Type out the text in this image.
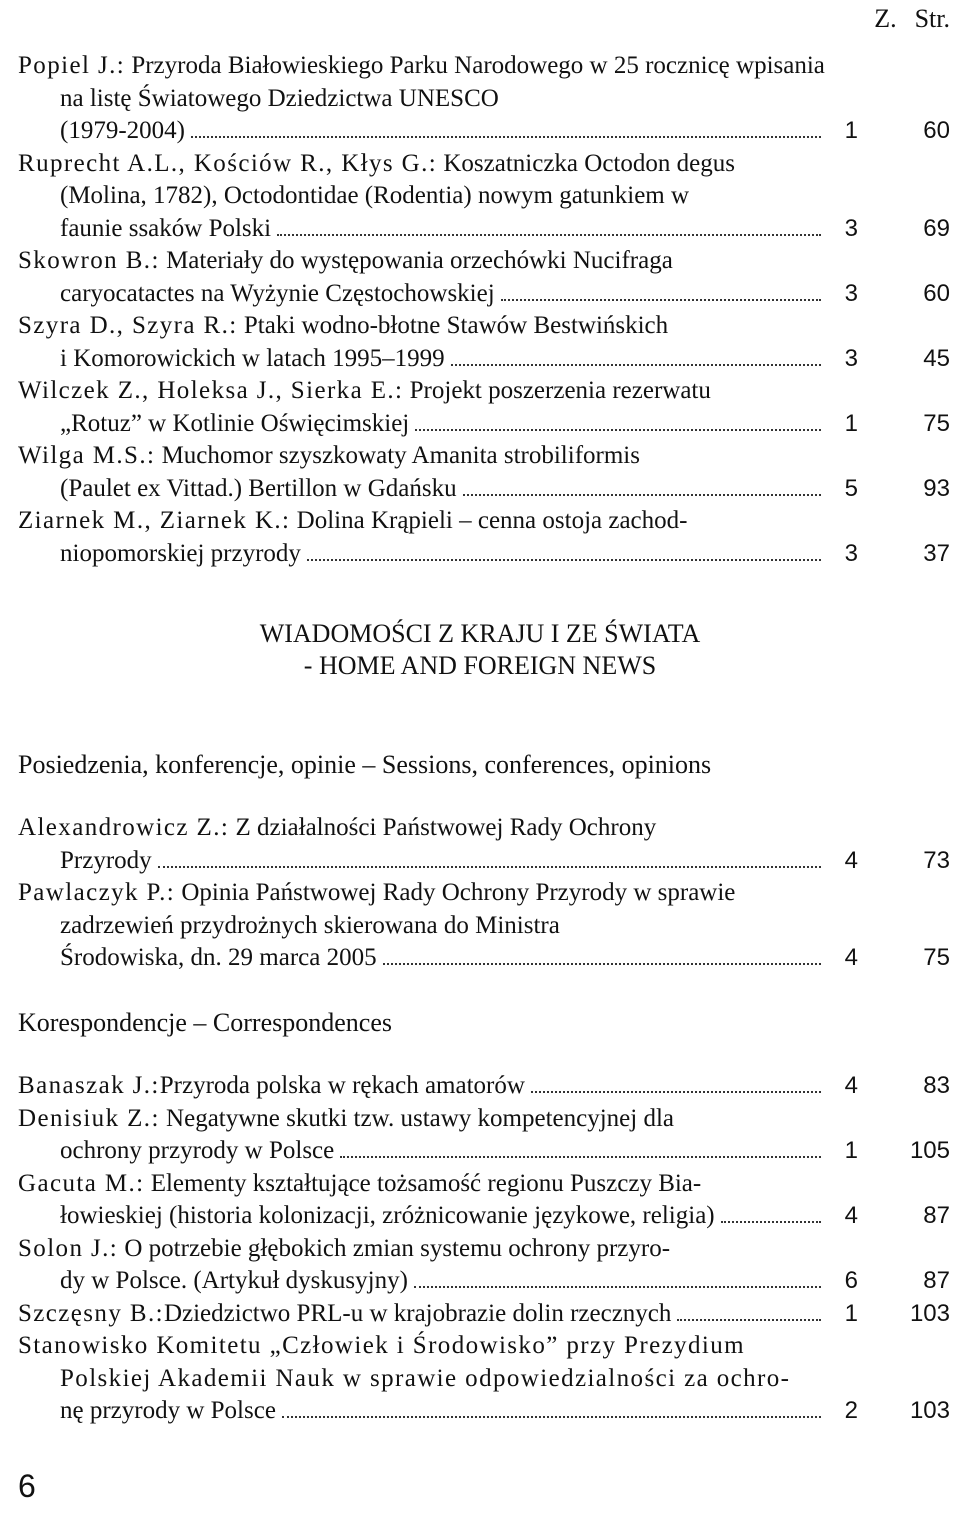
Z. Str.
Popiel J.: Przyroda Białowieskiego Parku Narodowego w 25 rocznicę wpisania na listę Światowego Dziedzictwa UNESCO
(1979-2004)	1	60
Ruprecht A.L., Kościów R., Kłys G.: Koszatniczka Octodon degus (Molina, 1782), Octodontidae (Rodentia) nowym gatunkiem w
faunie ssaków Polski	3	69
Skowron B.: Materiały do występowania orzechówki Nucifraga
caryocatactes na Wyżynie Częstochowskiej	3	60
Szyra D., Szyra R.: Ptaki wodno-błotne Stawów Bestwińskich
i Komorowickich w latach 1995–1999	3	45
Wilczek Z., Holeksa J., Sierka E.: Projekt poszerzenia rezerwatu
„Rotuz” w Kotlinie Oświęcimskiej	1	75
Wilga M.S.: Muchomor szyszkowaty Amanita strobiliformis
(Paulet ex Vittad.) Bertillon w Gdańsku	5	93
Ziarnek M., Ziarnek K.: Dolina Krąpieli – cenna ostoja zachod-
niopomorskiej przyrody	3	37
WIADOMOŚCI Z KRAJU I ZE ŚWIATA
- HOME AND FOREIGN NEWS
Posiedzenia, konferencje, opinie – Sessions, conferences, opinions
Alexandrowicz Z.: Z działalności Państwowej Rady Ochrony
Przyrody	4	73
Pawlaczyk P.: Opinia Państwowej Rady Ochrony Przyrody w sprawie zadrzewień przydrożnych skierowana do Ministra
Środowiska, dn. 29 marca 2005	4	75
Korespondencje – Correspondences
Banaszak J.: Przyroda polska w rękach amatorów	4	83
Denisiuk Z.: Negatywne skutki tzw. ustawy kompetencyjnej dla
ochrony przyrody w Polsce	1	105
Gacuta M.: Elementy kształtujące tożsamość regionu Puszczy Bia-
łowieskiej (historia kolonizacji, zróżnicowanie językowe, religia)	4	87
Solon J.: O potrzebie głębokich zmian systemu ochrony przyro-
dy w Polsce. (Artykuł dyskusyjny)	6	87
Szczęsny B.: Dziedzictwo PRL-u w krajobrazie dolin rzecznych	1	103
Stanowisko Komitetu „Człowiek i Środowisko” przy Prezydium Polskiej Akademii Nauk w sprawie odpowiedzialności za ochro-
nę przyrody w Polsce	2	103
6
